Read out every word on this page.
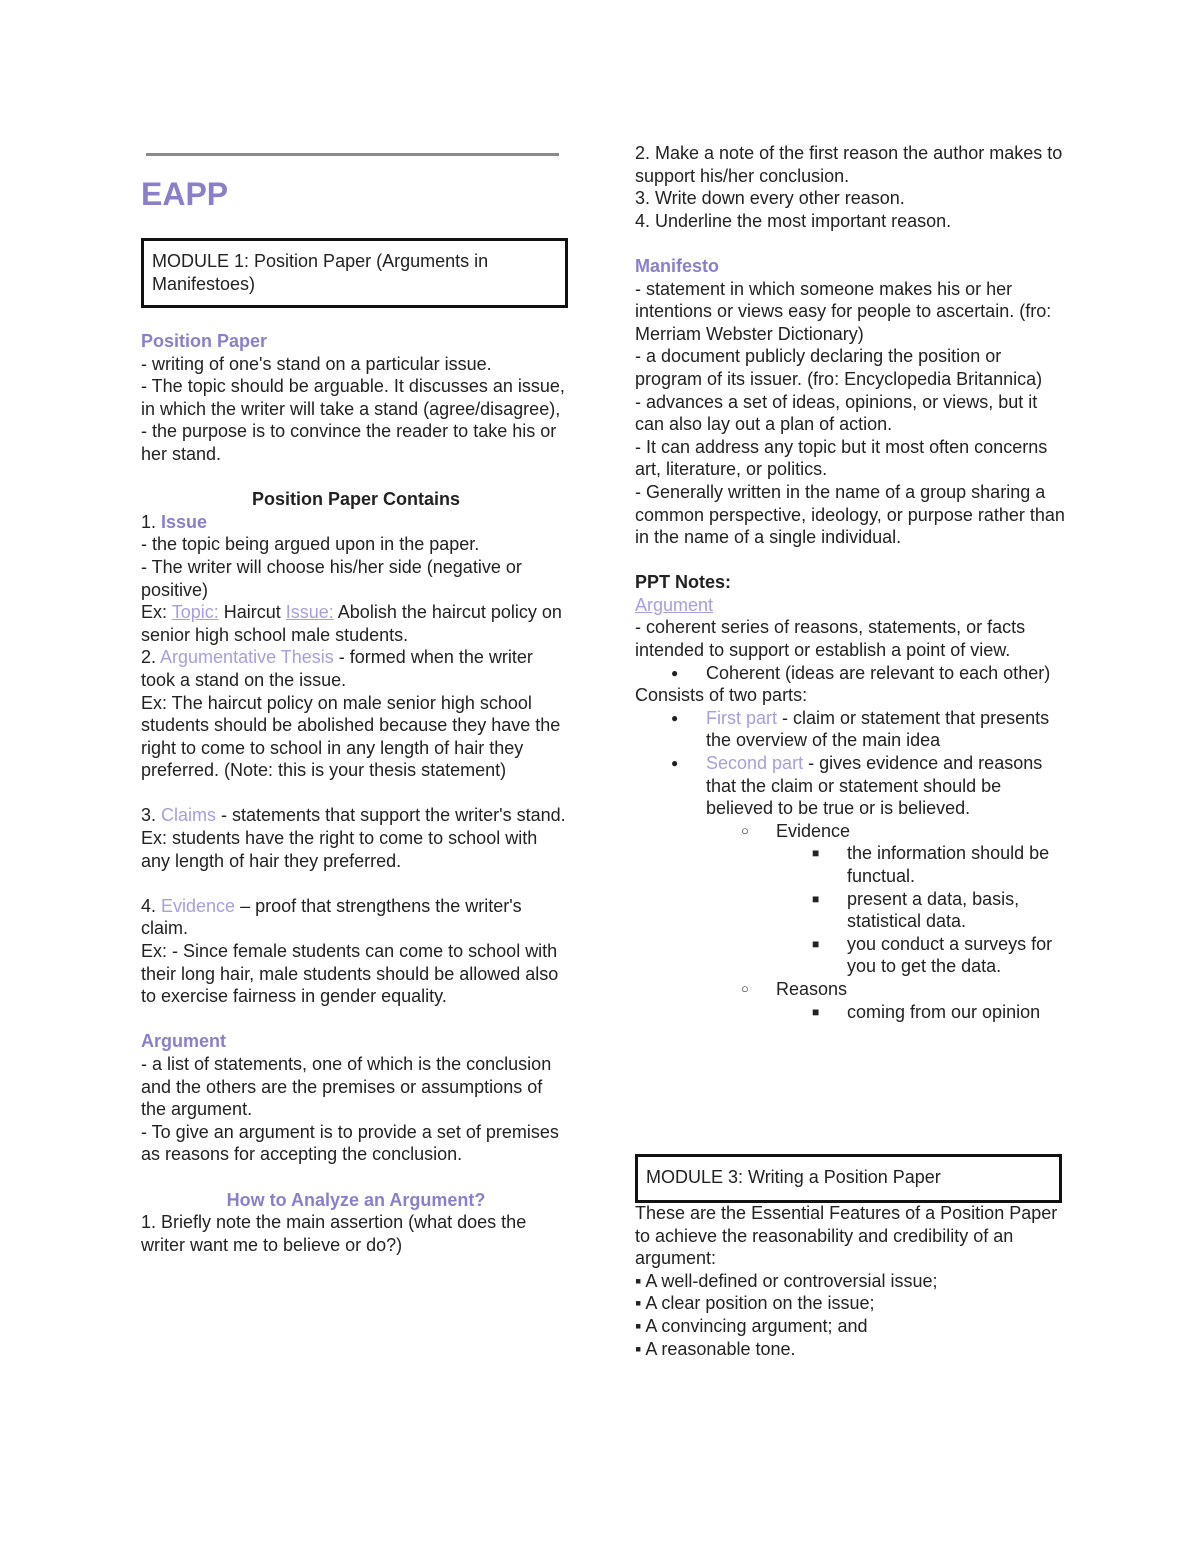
EAPP
MODULE 1: Position Paper (Arguments in Manifestoes)

Position Paper

- writing of one's stand on a particular issue.

- The topic should be arguable. It discusses an issue, in which the writer will take a stand (agree/disagree),

- the purpose is to convince the reader to take his or her stand.

Position Paper Contains

1. Issue

- the topic being argued upon in the paper.

- The writer will choose his/her side (negative or positive)

Ex: Topic: Haircut Issue: Abolish the haircut policy on senior high school male students.

2. Argumentative Thesis - formed when the writer took a stand on the issue.

Ex: The haircut policy on male senior high school students should be abolished because they have the right to come to school in any length of hair they preferred. (Note: this is your thesis statement)

3. Claims - statements that support the writer's stand.

Ex: students have the right to come to school with any length of hair they preferred.

4. Evidence – proof that strengthens the writer's claim.

Ex: - Since female students can come to school with their long hair, male students should be allowed also to exercise fairness in gender equality.

Argument

- a list of statements, one of which is the conclusion and the others are the premises or assumptions of the argument.

- To give an argument is to provide a set of premises as reasons for accepting the conclusion.

How to Analyze an Argument?

1. Briefly note the main assertion (what does the writer want me to believe or do?)

2. Make a note of the first reason the author makes to support his/her conclusion.

3. Write down every other reason.

4. Underline the most important reason.

Manifesto

- statement in which someone makes his or her intentions or views easy for people to ascertain. (fro: Merriam Webster Dictionary)

- a document publicly declaring the position or program of its issuer. (fro: Encyclopedia Britannica)

- advances a set of ideas, opinions, or views, but it can also lay out a plan of action.

- It can address any topic but it most often concerns art, literature, or politics.

- Generally written in the name of a group sharing a common perspective, ideology, or purpose rather than in the name of a single individual.

PPT Notes:

Argument

- coherent series of reasons, statements, or facts intended to support or establish a point of view.

● Coherent (ideas are relevant to each other)

Consists of two parts:

● First part - claim or statement that presents the overview of the main idea
● Second part - gives evidence and reasons that the claim or statement should be believed to be true or is believed.
○ Evidence
■ the information should be functual.
■ present a data, basis, statistical data.
■ you conduct a surveys for you to get the data.
○ Reasons
■ coming from our opinion
MODULE 3: Writing a Position Paper

These are the Essential Features of a Position Paper to achieve the reasonability and credibility of an argument:

▪ A well-defined or controversial issue;

▪ A clear position on the issue;

▪ A convincing argument; and

▪ A reasonable tone.
